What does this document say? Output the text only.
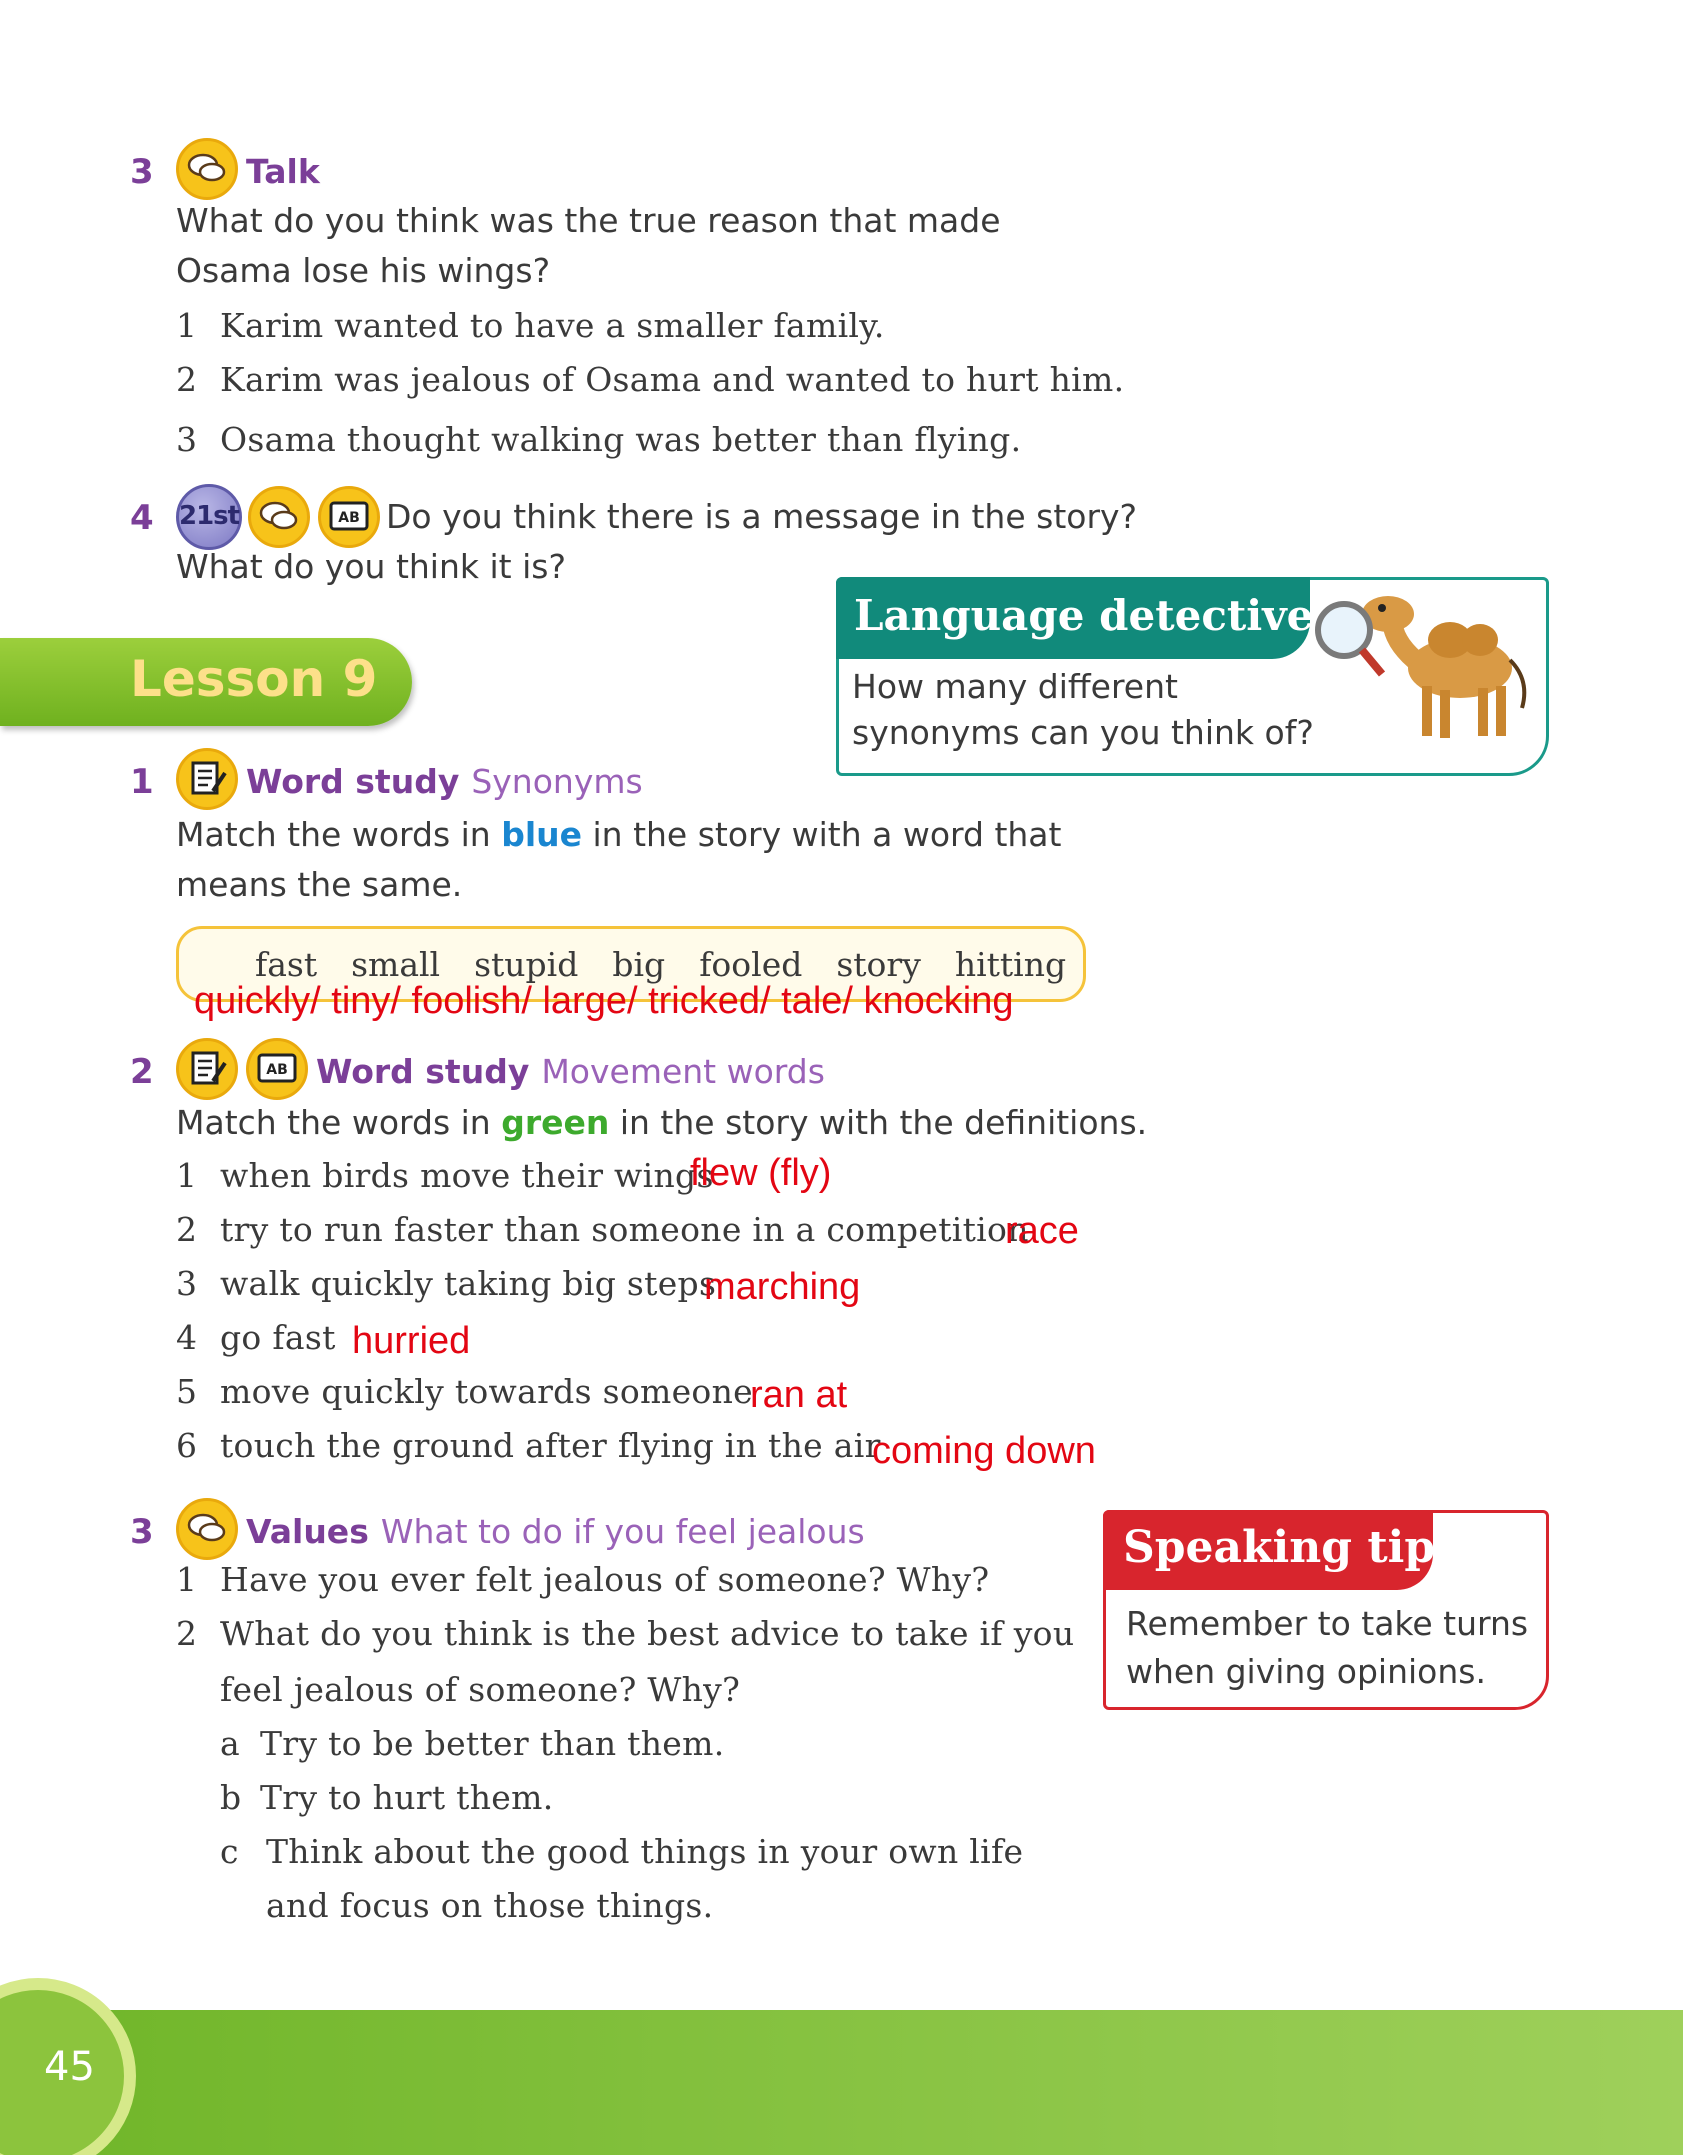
3	Talk
What do you think was the true reason that made
Osama lose his wings?
1 Karim wanted to have a smaller family.
2 Karim was jealous of Osama and wanted to hurt him.
3 Osama thought walking was better than flying.
4 21st	AB Do you think there is a message in the story?
What do you think it is?
Language detective
How many different
synonyms can you think of?
Lesson 9
1	Word study Synonyms
Match the words in blue in the story with a word that
means the same.
fast small stupid big fooled story hitting
quickly/ tiny/ foolish/ large/ tricked/ tale/ knocking
2	AB Word study Movement words
Match the words in green in the story with the definitions.
1 when birds move their wings
flew (fly)
2 try to run faster than someone in a competition
race
3 walk quickly taking big steps
marching
4 go fast hurried
5 move quickly towards someone
ran at
6 touch the ground after flying in the air
coming down
3	Values What to do if you feel jealous
1 Have you ever felt jealous of someone? Why?
2 What do you think is the best advice to take if you
feel jealous of someone? Why?
a Try to be better than them.
b Try to hurt them.
c Think about the good things in your own life
and focus on those things.
Speaking tip
Remember to take turns
when giving opinions.
45
